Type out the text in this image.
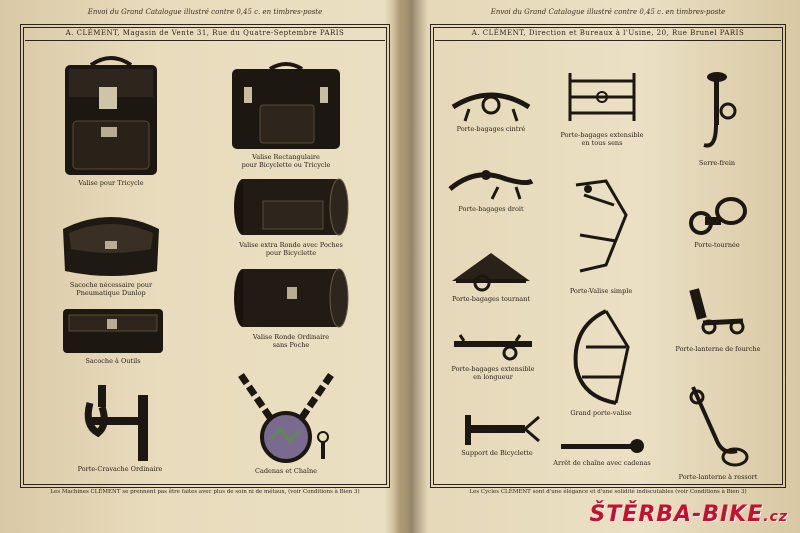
Envoi du Grand Catalogue illustré contre 0,45 c. en timbres-poste
A. CLÉMENT, Magasin de Vente 31, Rue du Quatre-Septembre PARIS
Valise pour Tricycle
Valise Rectangulaire
pour Bicyclette ou Tricycle
Sacoche nécessaire pour
Pneumatique Dunlop
Valise extra Ronde avec Poches
pour Bicyclette
Sacoche à Outils
Valise Ronde Ordinaire
sans Poche
Porte-Cravache Ordinaire	Cadenas et Chaîne
Les Machines CLÉMENT se prennent pas être faites avec plus de soin ni de métaux, (voir Conditions à Bien 3)
Envoi du Grand Catalogue illustré contre 0,45 c. en timbres-poste
A. CLÉMENT, Direction et Bureaux à l'Usine, 20, Rue Brunel PARIS
Porte-bagages cintré
Porte-bagages extensible
en tous sens
Serre-frein
Porte-bagages droit
Porte-Valise simple
Porte-tournée
Porte-bagages tournant
Porte-lanterne de fourche
Porte-bagages extensible
en longueur
Grand porte-valise
Support de Bicyclette
Arrêt de chaîne avec cadenas
Porte-lanterne à ressort
Les Cycles CLÉMENT sont d'une élégance et d'une solidité indiscutables (voir Conditions à Bien 3)
ŠTĚRBA-BIKE.cz
